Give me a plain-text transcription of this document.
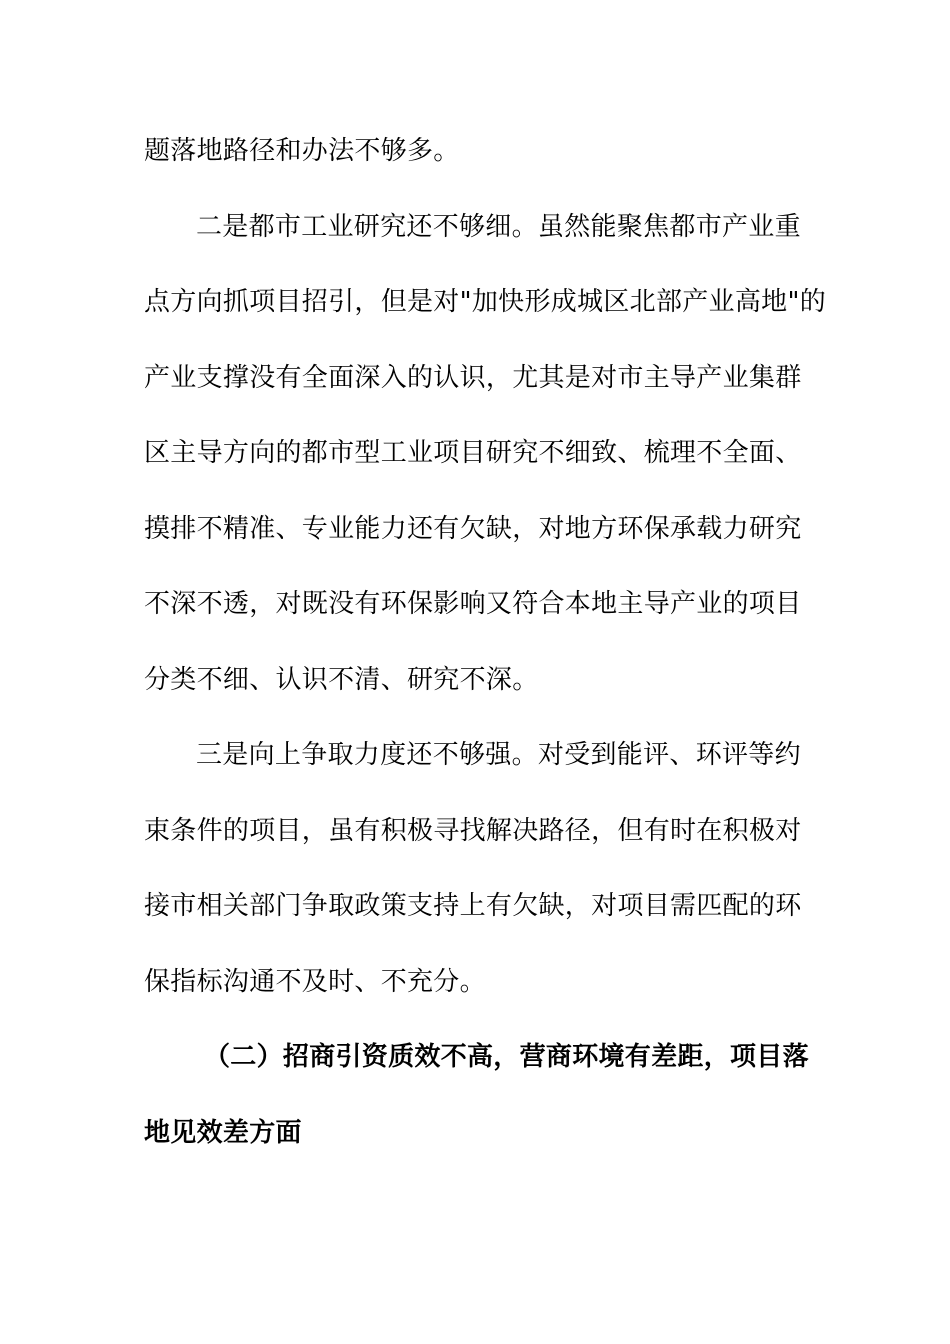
题落地路径和办法不够多。
二是都市工业研究还不够细。虽然能聚焦都市产业重
点方向抓项目招引，但是对"加快形成城区北部产业高地"的
产业支撑没有全面深入的认识，尤其是对市主导产业集群
区主导方向的都市型工业项目研究不细致、梳理不全面、
摸排不精准、专业能力还有欠缺，对地方环保承载力研究
不深不透，对既没有环保影响又符合本地主导产业的项目
分类不细、认识不清、研究不深。
三是向上争取力度还不够强。对受到能评、环评等约
束条件的项目，虽有积极寻找解决路径，但有时在积极对
接市相关部门争取政策支持上有欠缺，对项目需匹配的环
保指标沟通不及时、不充分。
（二）招商引资质效不高，营商环境有差距，项目落
地见效差方面
